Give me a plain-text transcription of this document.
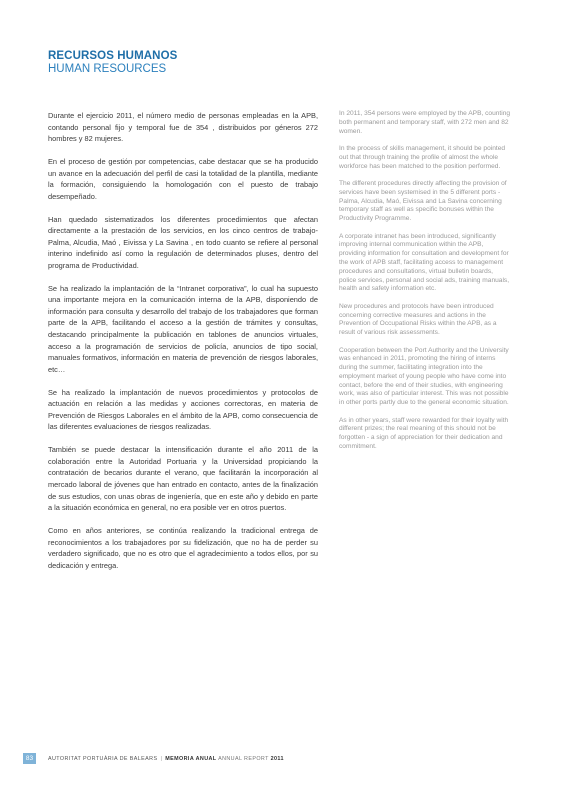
RECURSOS HUMANOS
HUMAN RESOURCES

Durante el ejercicio 2011, el número medio de personas empleadas en la APB, contando personal fijo y temporal fue de 354 , distribuidos por géneros 272 hombres y 82 mujeres.

En el proceso de gestión por competencias, cabe destacar que se ha producido un avance en la adecuación del perfil de casi la totalidad de la plantilla, mediante la formación, consiguiendo la homologación con el puesto de trabajo desempeñado.

Han quedado sistematizados los diferentes procedimientos que afectan directamente a la prestación de los servicios, en los cinco centros de trabajo- Palma, Alcudia, Maó , Eivissa y La Savina , en todo cuanto se refiere al personal interino indefinido así como la regulación de determinados pluses, dentro del programa de Productividad.

Se ha realizado la implantación de la “Intranet corporativa”, lo cual ha supuesto una importante mejora en la comunicación interna de la APB, disponiendo de información para consulta y desarrollo del trabajo de los trabajadores que forman parte de la APB, facilitando el acceso a la gestión de trámites y consultas, destacando principalmente la publicación en tablones de anuncios virtuales, acceso a la programación de servicios de policía, anuncios de tipo social, manuales formativos, información en materia de prevención de riesgos laborales, etc…

Se ha realizado la implantación de nuevos procedimientos y protocolos de actuación en relación a las medidas y acciones correctoras, en materia de Prevención de Riesgos Laborales en el ámbito de la APB, como consecuencia de las diferentes evaluaciones de riesgos realizadas.

También se puede destacar la intensificación durante el año 2011 de la colaboración entre la Autoridad Portuaria y la Universidad propiciando la contratación de becarios durante el verano, que facilitarán la incorporación al mercado laboral de jóvenes que han entrado en contacto, antes de la finalización de sus estudios, con unas obras de ingeniería, que en este año y debido en parte a la situación económica en general, no era posible ver en otros puertos.

Como en años anteriores, se continúa realizando la tradicional entrega de reconocimientos a los trabajadores por su fidelización, que no ha de perder su verdadero significado, que no es otro que el agradecimiento a todos ellos, por su dedicación y entrega.

In 2011, 354 persons were employed by the APB, counting both permanent and temporary staff, with 272 men and 82 women.

In the process of skills management, it should be pointed out that through training the profile of almost the whole workforce has been matched to the position performed.

The different procedures directly affecting the provision of services have been systemised in the 5 different ports - Palma, Alcudia, Maó, Eivissa and La Savina concerning temporary staff as well as specific bonuses within the Productivity Programme.

A corporate intranet has been introduced, significantly improving internal communication within the APB, providing information for consultation and development for the work of APB staff, facilitating access to management procedures and consultations, virtual bulletin boards, police services, personal and social ads, training manuals, health and safety information etc.

New procedures and protocols have been introduced concerning corrective measures and actions in the Prevention of Occupational Risks within the APB, as a result of various risk assessments.

Cooperation between the Port Authority and the University was enhanced in 2011, promoting the hiring of interns during the summer, facilitating integration into the employment market of young people who have come into contact, before the end of their studies, with engineering work, was also of particular interest. This was not possible in other ports partly due to the general economic situation.

As in other years, staff were rewarded for their loyalty with different prizes; the real meaning of this should not be forgotten - a sign of appreciation for their dedication and commitment.

83	AUTORITAT PORTUÀRIA DE BALEARS | MEMORIA ANUAL ANNUAL REPORT 2011
